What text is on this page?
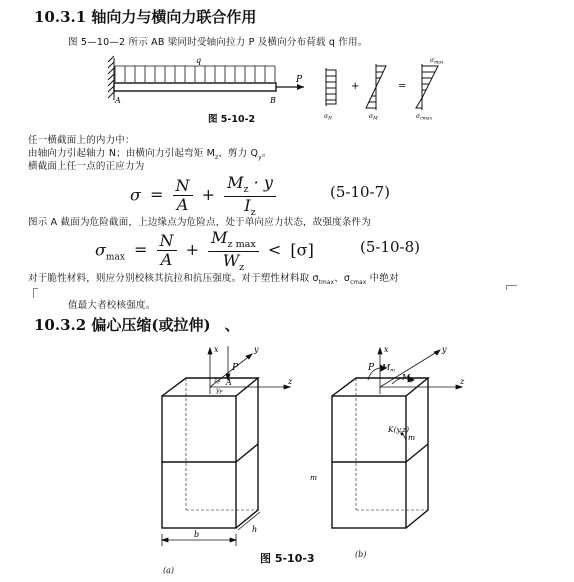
10.3.1 轴向力与横向力联合作用
图 5—10—2 所示 AB 梁同时受轴向拉力 P 及横向分布荷载 q 作用。
q
P
A	B
+	=
$\sigma_{max}$
$\sigma_N$	$\sigma_M$	$\sigma_{cmax}$
图 5-10-2
任一横截面上的内力中：
由轴向力引起轴力 N；由横向力引起弯矩 $M_z$、剪力 $Q_y$。
横截面上任一点的正应力为
$\sigma = \frac{N}{A} + \frac{M_z \cdot y}{I_z}$	(5-10-7)
图示 A 截面为危险截面，上边缘点为危险点，处于单向应力状态，故强度条件为
$\sigma_{max} = \frac{N}{A} + \frac{M_{z max}}{W_z} < [\sigma]$	(5-10-8)
对于脆性材料，则应分别校核其抗拉和抗压强度。对于塑性材料取 $\sigma_{tmax}$、$\sigma_{cmax}$ 中绝对
值最大者校核强度。
10.3.2 偏心压缩(或拉伸) 、
x	y
z
P
A
$z_P$
$y_P$
b
h
x	y
z
P Mm
My
K(y,z)
m
m
(a)
图 5-10-3	(b)
